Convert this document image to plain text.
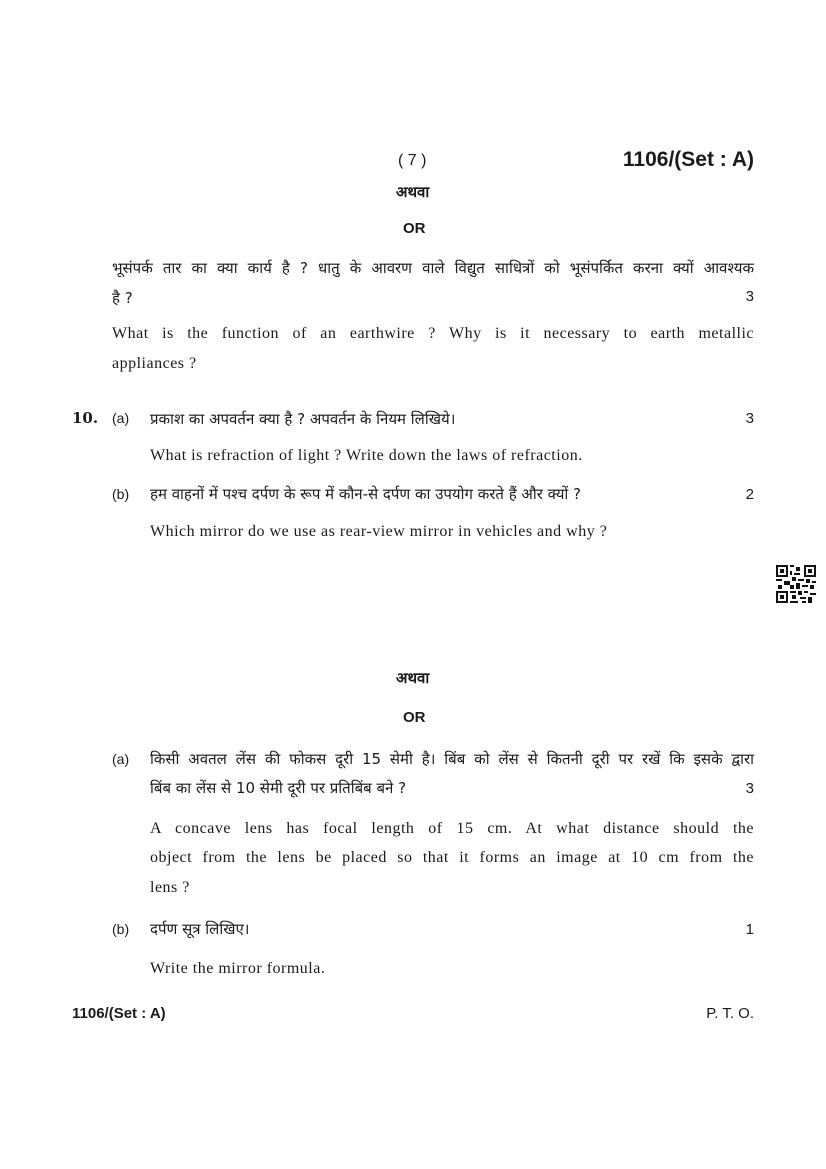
( 7 )	1106/(Set : A)
अथवा
OR
भूसंपर्क तार का क्या कार्य है ? धातु के आवरण वाले विद्युत साधित्रों को भूसंपर्कित करना क्यों आवश्यक
है ?	3
What is the function of an earthwire ? Why is it necessary to earth metallic
appliances ?
10. (a) प्रकाश का अपवर्तन क्या है ? अपवर्तन के नियम लिखिये।	3
What is refraction of light ? Write down the laws of refraction.
(b) हम वाहनों में पश्च दर्पण के रूप में कौन-से दर्पण का उपयोग करते हैं और क्यों ?	2
Which mirror do we use as rear-view mirror in vehicles and why ?
अथवा
OR
(a) किसी अवतल लेंस की फोकस दूरी 15 सेमी है। बिंब को लेंस से कितनी दूरी पर रखें कि इसके द्वारा
बिंब का लेंस से 10 सेमी दूरी पर प्रतिबिंब बने ?	3
A concave lens has focal length of 15 cm. At what distance should the
object from the lens be placed so that it forms an image at 10 cm from the
lens ?
(b) दर्पण सूत्र लिखिए।	1
Write the mirror formula.
1106/(Set : A)	P. T. O.
